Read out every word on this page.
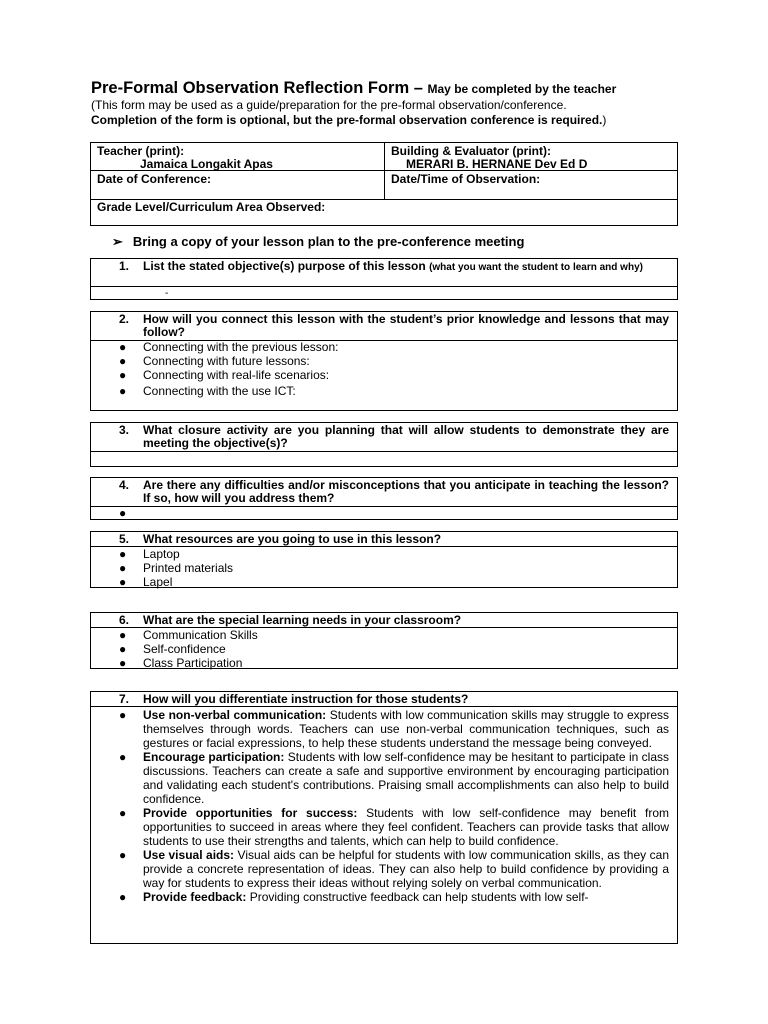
Pre-Formal Observation Reflection Form – May be completed by the teacher
(This form may be used as a guide/preparation for the pre-formal observation/conference.
Completion of the form is optional, but the pre-formal observation conference is required.)
Teacher (print):
Jamaica Longakit Apas
Building & Evaluator (print):
MERARI B. HERNANE Dev Ed D
Date of Conference:	Date/Time of Observation:
Grade Level/Curriculum Area Observed:
➢ Bring a copy of your lesson plan to the pre-conference meeting
1. List the stated objective(s) purpose of this lesson (what you want the student to learn and why)
-
2. How will you connect this lesson with the student’s prior knowledge and lessons that may follow?
● Connecting with the previous lesson:
● Connecting with future lessons:
● Connecting with real-life scenarios:
● Connecting with the use ICT:
3. What closure activity are you planning that will allow students to demonstrate they are meeting the objective(s)?
4. Are there any difficulties and/or misconceptions that you anticipate in teaching the lesson? If so, how will you address them?
●
5. What resources are you going to use in this lesson?
● Laptop
● Printed materials
● Lapel
6. What are the special learning needs in your classroom?
● Communication Skills
● Self-confidence
● Class Participation
7. How will you differentiate instruction for those students?
● Use non-verbal communication: Students with low communication skills may struggle to express themselves through words. Teachers can use non-verbal communication techniques, such as gestures or facial expressions, to help these students understand the message being conveyed.
● Encourage participation: Students with low self-confidence may be hesitant to participate in class discussions. Teachers can create a safe and supportive environment by encouraging participation and validating each student's contributions. Praising small accomplishments can also help to build confidence.
● Provide opportunities for success: Students with low self-confidence may benefit from opportunities to succeed in areas where they feel confident. Teachers can provide tasks that allow students to use their strengths and talents, which can help to build confidence.
● Use visual aids: Visual aids can be helpful for students with low communication skills, as they can provide a concrete representation of ideas. They can also help to build confidence by providing a way for students to express their ideas without relying solely on verbal communication.
● Provide feedback: Providing constructive feedback can help students with low self-
